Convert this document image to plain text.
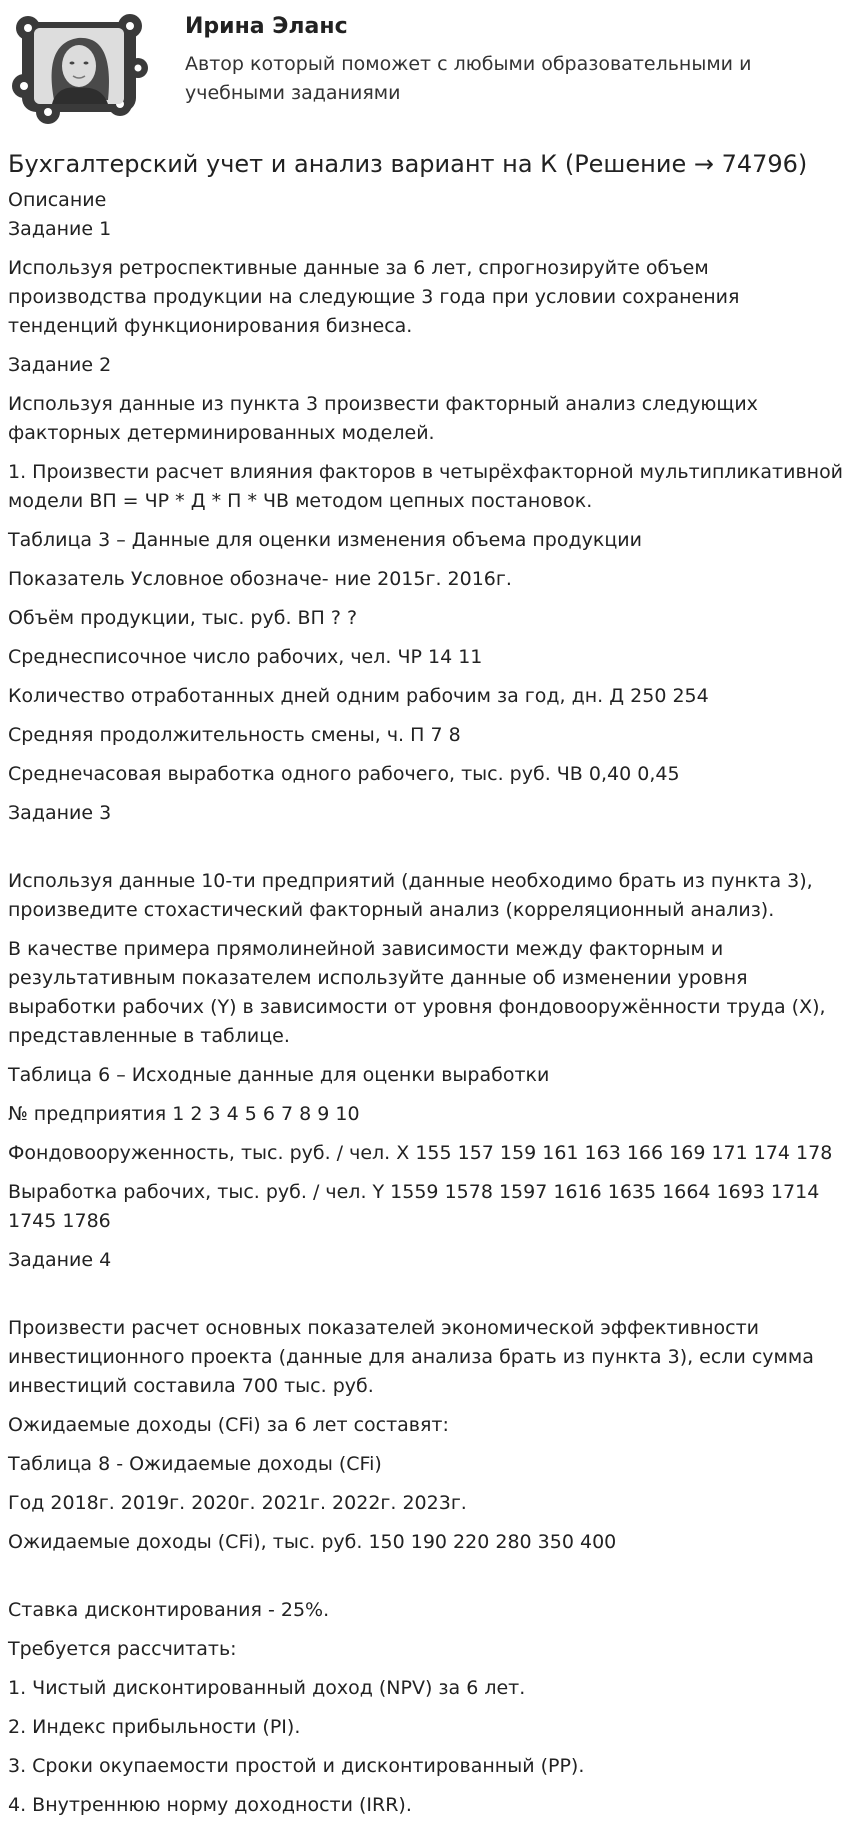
Ирина Эланс
Автор который поможет с любыми образовательными и учебными заданиями
Бухгалтерский учет и анализ вариант на К (Решение → 74796)
Описание
Задание 1
Используя ретроспективные данные за 6 лет, спрогнозируйте объем производства продукции на следующие 3 года при условии сохранения тенденций функционирования бизнеса.
Задание 2
Используя данные из пункта 3 произвести факторный анализ следующих факторных детерминированных моделей.
1. Произвести расчет влияния факторов в четырёхфакторной мультипликативной модели ВП = ЧР * Д * П * ЧВ методом цепных постановок.
Таблица 3 – Данные для оценки изменения объема продукции
Показатель Условное обозначе- ние 2015г. 2016г.
Объём продукции, тыс. руб. ВП ? ?
Среднесписочное число рабочих, чел. ЧР 14 11
Количество отработанных дней одним рабочим за год, дн. Д 250 254
Средняя продолжительность смены, ч. П 7 8
Среднечасовая выработка одного рабочего, тыс. руб. ЧВ 0,40 0,45
Задание 3
Используя данные 10-ти предприятий (данные необходимо брать из пункта 3), произведите стохастический факторный анализ (корреляционный анализ).
В качестве примера прямолинейной зависимости между факторным и результативным показателем используйте данные об изменении уровня выработки рабочих (Y) в зависимости от уровня фондовооружённости труда (X), представленные в таблице.
Таблица 6 – Исходные данные для оценки выработки
№ предприятия 1 2 3 4 5 6 7 8 9 10
Фондовооруженность, тыс. руб. / чел. X 155 157 159 161 163 166 169 171 174 178
Выработка рабочих, тыс. руб. / чел. Y 1559 1578 1597 1616 1635 1664 1693 1714 1745 1786
Задание 4
Произвести расчет основных показателей экономической эффективности инвестиционного проекта (данные для анализа брать из пункта 3), если сумма инвестиций составила 700 тыс. руб.
Ожидаемые доходы (CFi) за 6 лет составят:
Таблица 8 - Ожидаемые доходы (CFi)
Год 2018г. 2019г. 2020г. 2021г. 2022г. 2023г.
Ожидаемые доходы (CFi), тыс. руб. 150 190 220 280 350 400
Ставка дисконтирования - 25%.
Требуется рассчитать:
1. Чистый дисконтированный доход (NPV) за 6 лет.
2. Индекс прибыльности (PI).
3. Сроки окупаемости простой и дисконтированный (PP).
4. Внутреннюю норму доходности (IRR).
